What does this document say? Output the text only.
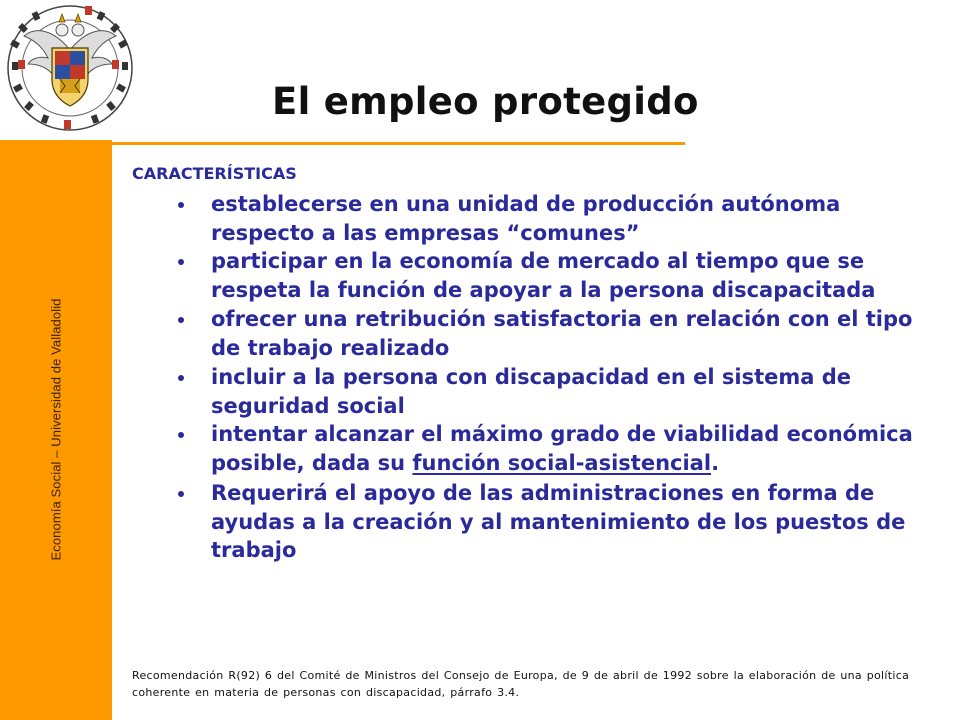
Economía Social – Universidad de Valladolid
El empleo protegido

CARACTERÍSTICAS

establecerse en una unidad de producción autónoma respecto a las empresas “comunes”
participar en la economía de mercado al tiempo que se respeta la función de apoyar a la persona discapacitada
ofrecer una retribución satisfactoria en relación con el tipo de trabajo realizado
incluir a la persona con discapacidad en el sistema de seguridad social
intentar alcanzar el máximo grado de viabilidad económica posible, dada su función social-asistencial.
Requerirá el apoyo de las administraciones en forma de ayudas a la creación y al mantenimiento de los puestos de trabajo

Recomendación R(92) 6 del Comité de Ministros del Consejo de Europa, de 9 de abril de 1992 sobre la elaboración de una política coherente en materia de personas con discapacidad, párrafo 3.4.
